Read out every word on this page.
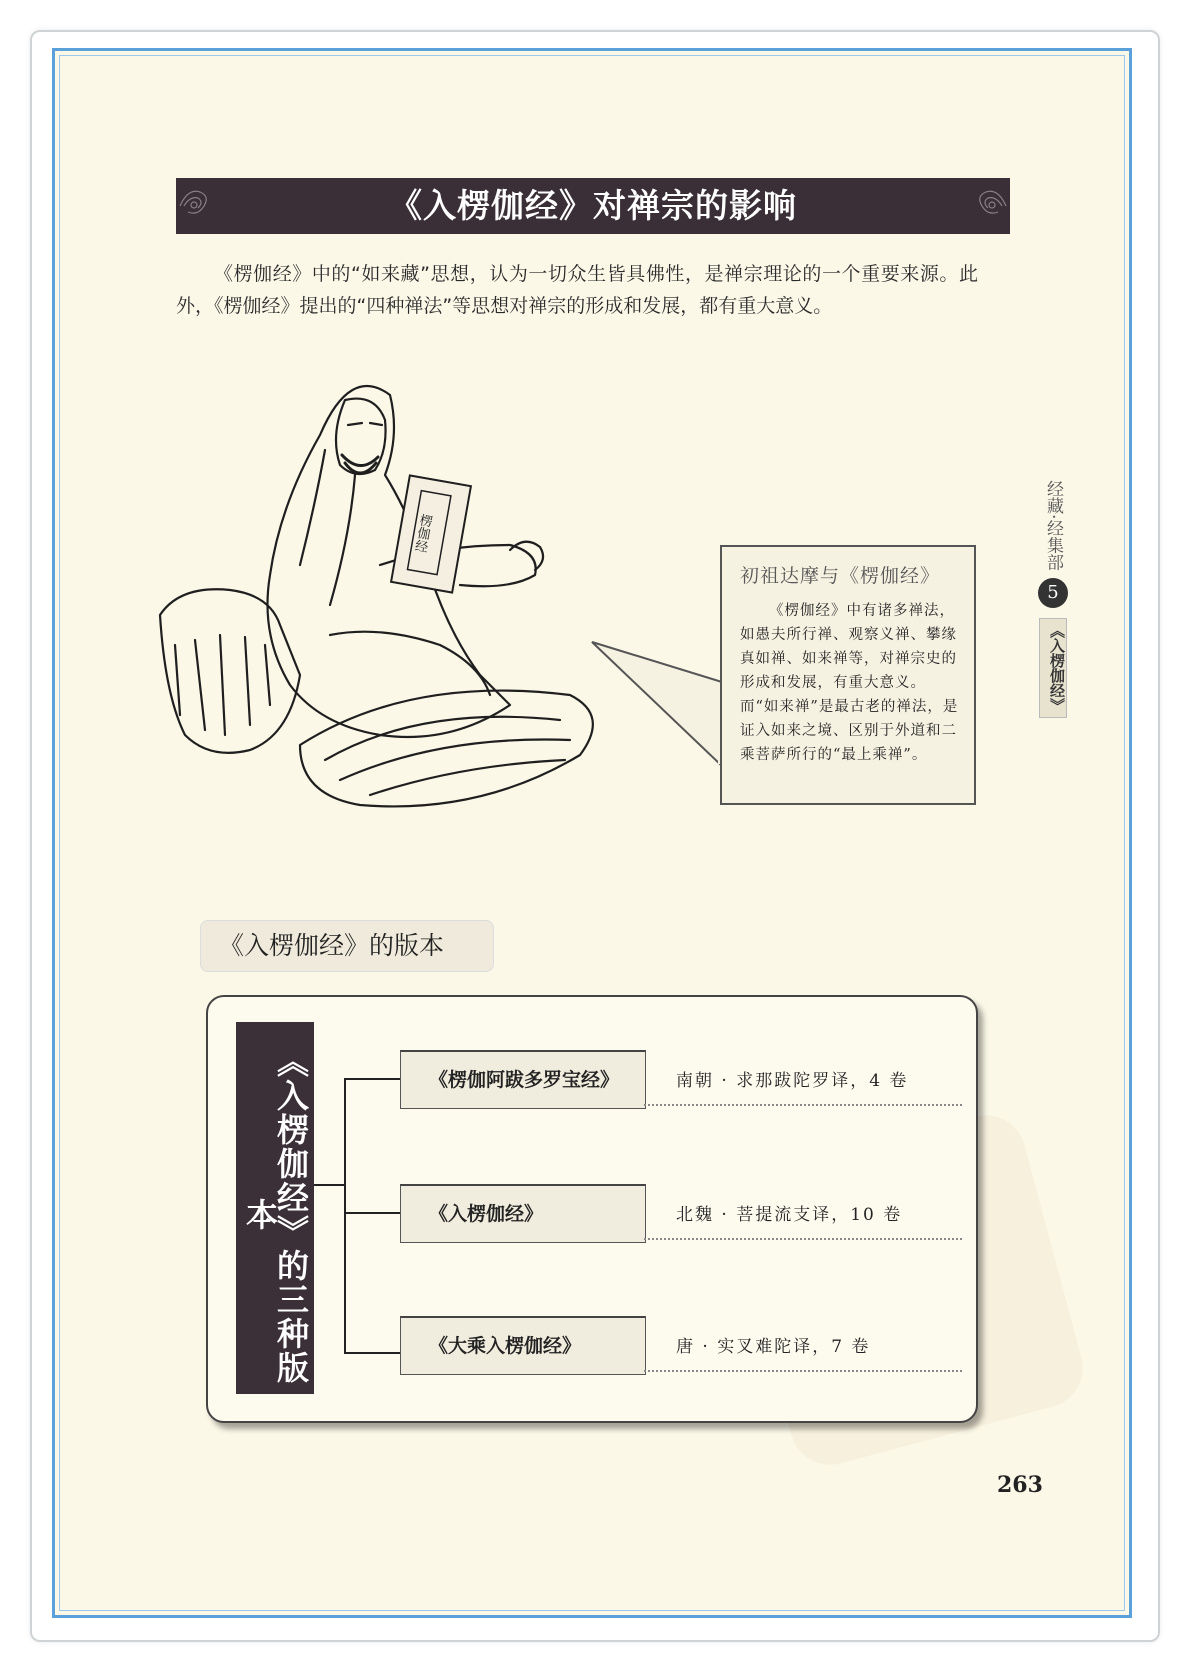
《入楞伽经》对禅宗的影响
《楞伽经》中的“如来藏”思想，认为一切众生皆具佛性，是禅宗理论的一个重要来源。此外，《楞伽经》提出的“四种禅法”等思想对禅宗的形成和发展，都有重大意义。
楞伽经
初祖达摩与《楞伽经》
《楞伽经》中有诸多禅法，如愚夫所行禅、观察义禅、攀缘真如禅、如来禅等，对禅宗史的形成和发展，有重大意义。而“如来禅”是最古老的禅法，是证入如来之境、区别于外道和二乘菩萨所行的“最上乘禅”。
经藏·经集部
5
《入楞伽经》
《入楞伽经》的版本
《入楞伽经》的三种版本
《楞伽阿跋多罗宝经》	南朝 · 求那跋陀罗译，4 卷
《入楞伽经》	北魏 · 菩提流支译，10 卷
《大乘入楞伽经》	唐 · 实叉难陀译，7 卷
263
